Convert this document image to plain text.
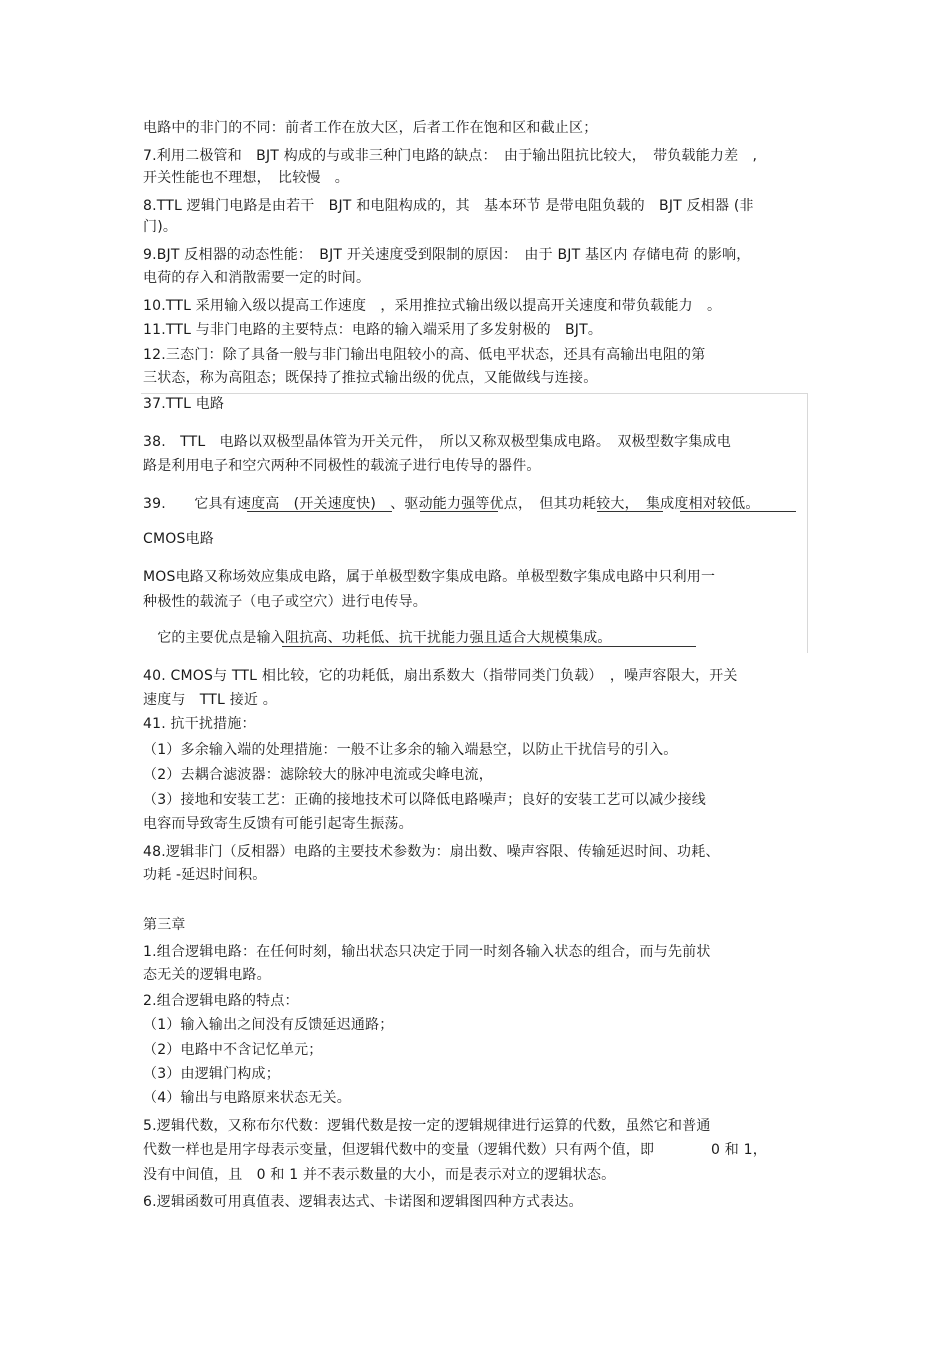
电路中的非门的不同：前者工作在放大区，后者工作在饱和区和截止区；
7.利用二极管和　BJT 构成的与或非三种门电路的缺点：　由于输出阻抗比较大，　带负载能力差　,
开关性能也不理想，　比较慢　。
8.TTL 逻辑门电路是由若干　BJT 和电阻构成的，其　基本环节 是带电阻负载的　BJT 反相器 (非
门)。
9.BJT 反相器的动态性能：　BJT 开关速度受到限制的原因：　由于 BJT 基区内 存储电荷 的影响，
电荷的存入和消散需要一定的时间。
10.TTL 采用输入级以提高工作速度　，采用推拉式输出级以提高开关速度和带负载能力　。
11.TTL 与非门电路的主要特点：电路的输入端采用了多发射极的　BJT。
12.三态门：除了具备一般与非门输出电阻较小的高、低电平状态，还具有高输出电阻的第
三状态，称为高阻态；既保持了推拉式输出级的优点，又能做线与连接。
37.TTL 电路
38.　TTL　电路以双极型晶体管为开关元件，　所以又称双极型集成电路。　双极型数字集成电
路是利用电子和空穴两种不同极性的载流子进行电传导的器件。
39.　　它具有速度高　(开关速度快)　、驱动能力强等优点，　但其功耗较大，　集成度相对较低。
CMOS电路
MOS电路又称场效应集成电路，属于单极型数字集成电路。单极型数字集成电路中只利用一
种极性的载流子（电子或空穴）进行电传导。
　它的主要优点是输入阻抗高、功耗低、抗干扰能力强且适合大规模集成。
40. CMOS与 TTL 相比较，它的功耗低，扇出系数大（指带同类门负载）　，噪声容限大，开关
速度与　TTL 接近 。
41. 抗干扰措施：
（1）多余输入端的处理措施：一般不让多余的输入端悬空，以防止干扰信号的引入。
（2）去耦合滤波器：滤除较大的脉冲电流或尖峰电流，
（3）接地和安装工艺：正确的接地技术可以降低电路噪声；良好的安装工艺可以减少接线
电容而导致寄生反馈有可能引起寄生振荡。
48.逻辑非门（反相器）电路的主要技术参数为：扇出数、噪声容限、传输延迟时间、功耗、
功耗 -延迟时间积。
第三章
1.组合逻辑电路：在任何时刻，输出状态只决定于同一时刻各输入状态的组合，而与先前状
态无关的逻辑电路。
2.组合逻辑电路的特点：
（1）输入输出之间没有反馈延迟通路；
（2）电路中不含记忆单元；
（3）由逻辑门构成；
（4）输出与电路原来状态无关。
5.逻辑代数，又称布尔代数：逻辑代数是按一定的逻辑规律进行运算的代数，虽然它和普通
代数一样也是用字母表示变量，但逻辑代数中的变量（逻辑代数）只有两个值，即　　　　0 和 1，
没有中间值，且　0 和 1 并不表示数量的大小，而是表示对立的逻辑状态。
6.逻辑函数可用真值表、逻辑表达式、卡诺图和逻辑图四种方式表达。
